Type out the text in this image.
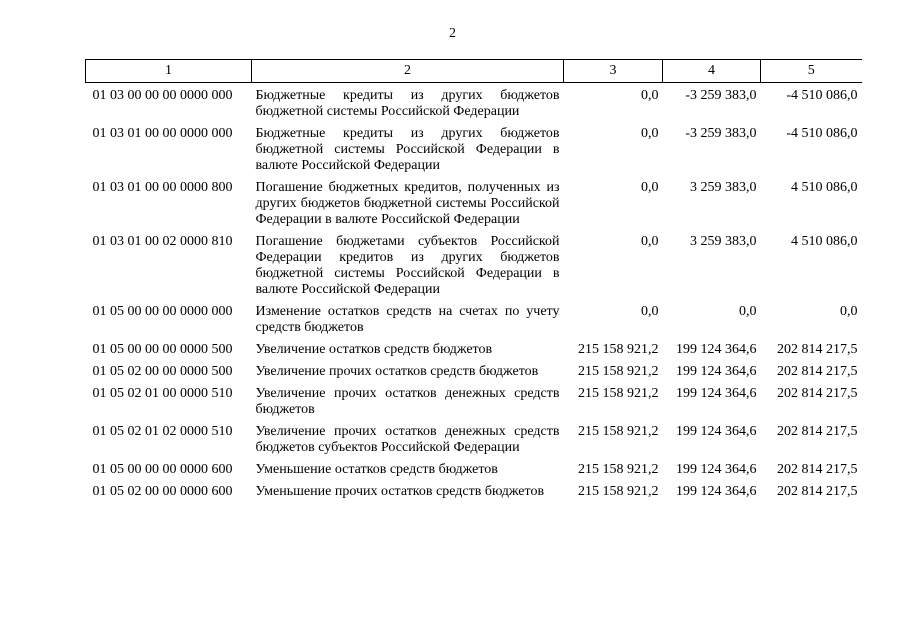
2
1	2	3	4	5
01 03 00 00 00 0000 000	Бюджетные кредиты из других бюджетов бюджетной системы Российской Федерации	0,0	-3 259 383,0	-4 510 086,0
01 03 01 00 00 0000 000	Бюджетные кредиты из других бюджетов бюджетной системы Российской Федерации в валюте Российской Федерации	0,0	-3 259 383,0	-4 510 086,0
01 03 01 00 00 0000 800	Погашение бюджетных кредитов, полученных из других бюджетов бюджетной системы Российской Федерации в валюте Российской Федерации	0,0	3 259 383,0	4 510 086,0
01 03 01 00 02 0000 810	Погашение бюджетами субъектов Российской Федерации кредитов из других бюджетов бюджетной системы Российской Федерации в валюте Российской Федерации	0,0	3 259 383,0	4 510 086,0
01 05 00 00 00 0000 000	Изменение остатков средств на счетах по учету средств бюджетов	0,0	0,0	0,0
01 05 00 00 00 0000 500	Увеличение остатков средств бюджетов	215 158 921,2	199 124 364,6	202 814 217,5
01 05 02 00 00 0000 500	Увеличение прочих остатков средств бюджетов	215 158 921,2	199 124 364,6	202 814 217,5
01 05 02 01 00 0000 510	Увеличение прочих остатков денежных средств бюджетов	215 158 921,2	199 124 364,6	202 814 217,5
01 05 02 01 02 0000 510	Увеличение прочих остатков денежных средств бюджетов субъектов Российской Федерации	215 158 921,2	199 124 364,6	202 814 217,5
01 05 00 00 00 0000 600	Уменьшение остатков средств бюджетов	215 158 921,2	199 124 364,6	202 814 217,5
01 05 02 00 00 0000 600	Уменьшение прочих остатков средств бюджетов	215 158 921,2	199 124 364,6	202 814 217,5
